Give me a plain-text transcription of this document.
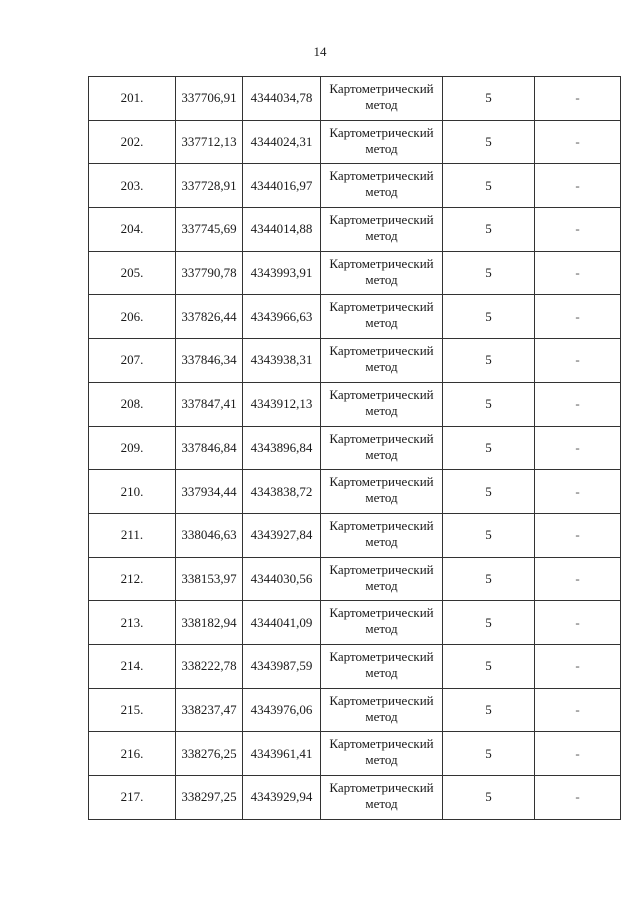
14
201.	337706,91	4344034,78	Картометрический метод	5	-
202.	337712,13	4344024,31	Картометрический метод	5	-
203.	337728,91	4344016,97	Картометрический метод	5	-
204.	337745,69	4344014,88	Картометрический метод	5	-
205.	337790,78	4343993,91	Картометрический метод	5	-
206.	337826,44	4343966,63	Картометрический метод	5	-
207.	337846,34	4343938,31	Картометрический метод	5	-
208.	337847,41	4343912,13	Картометрический метод	5	-
209.	337846,84	4343896,84	Картометрический метод	5	-
210.	337934,44	4343838,72	Картометрический метод	5	-
211.	338046,63	4343927,84	Картометрический метод	5	-
212.	338153,97	4344030,56	Картометрический метод	5	-
213.	338182,94	4344041,09	Картометрический метод	5	-
214.	338222,78	4343987,59	Картометрический метод	5	-
215.	338237,47	4343976,06	Картометрический метод	5	-
216.	338276,25	4343961,41	Картометрический метод	5	-
217.	338297,25	4343929,94	Картометрический метод	5	-
